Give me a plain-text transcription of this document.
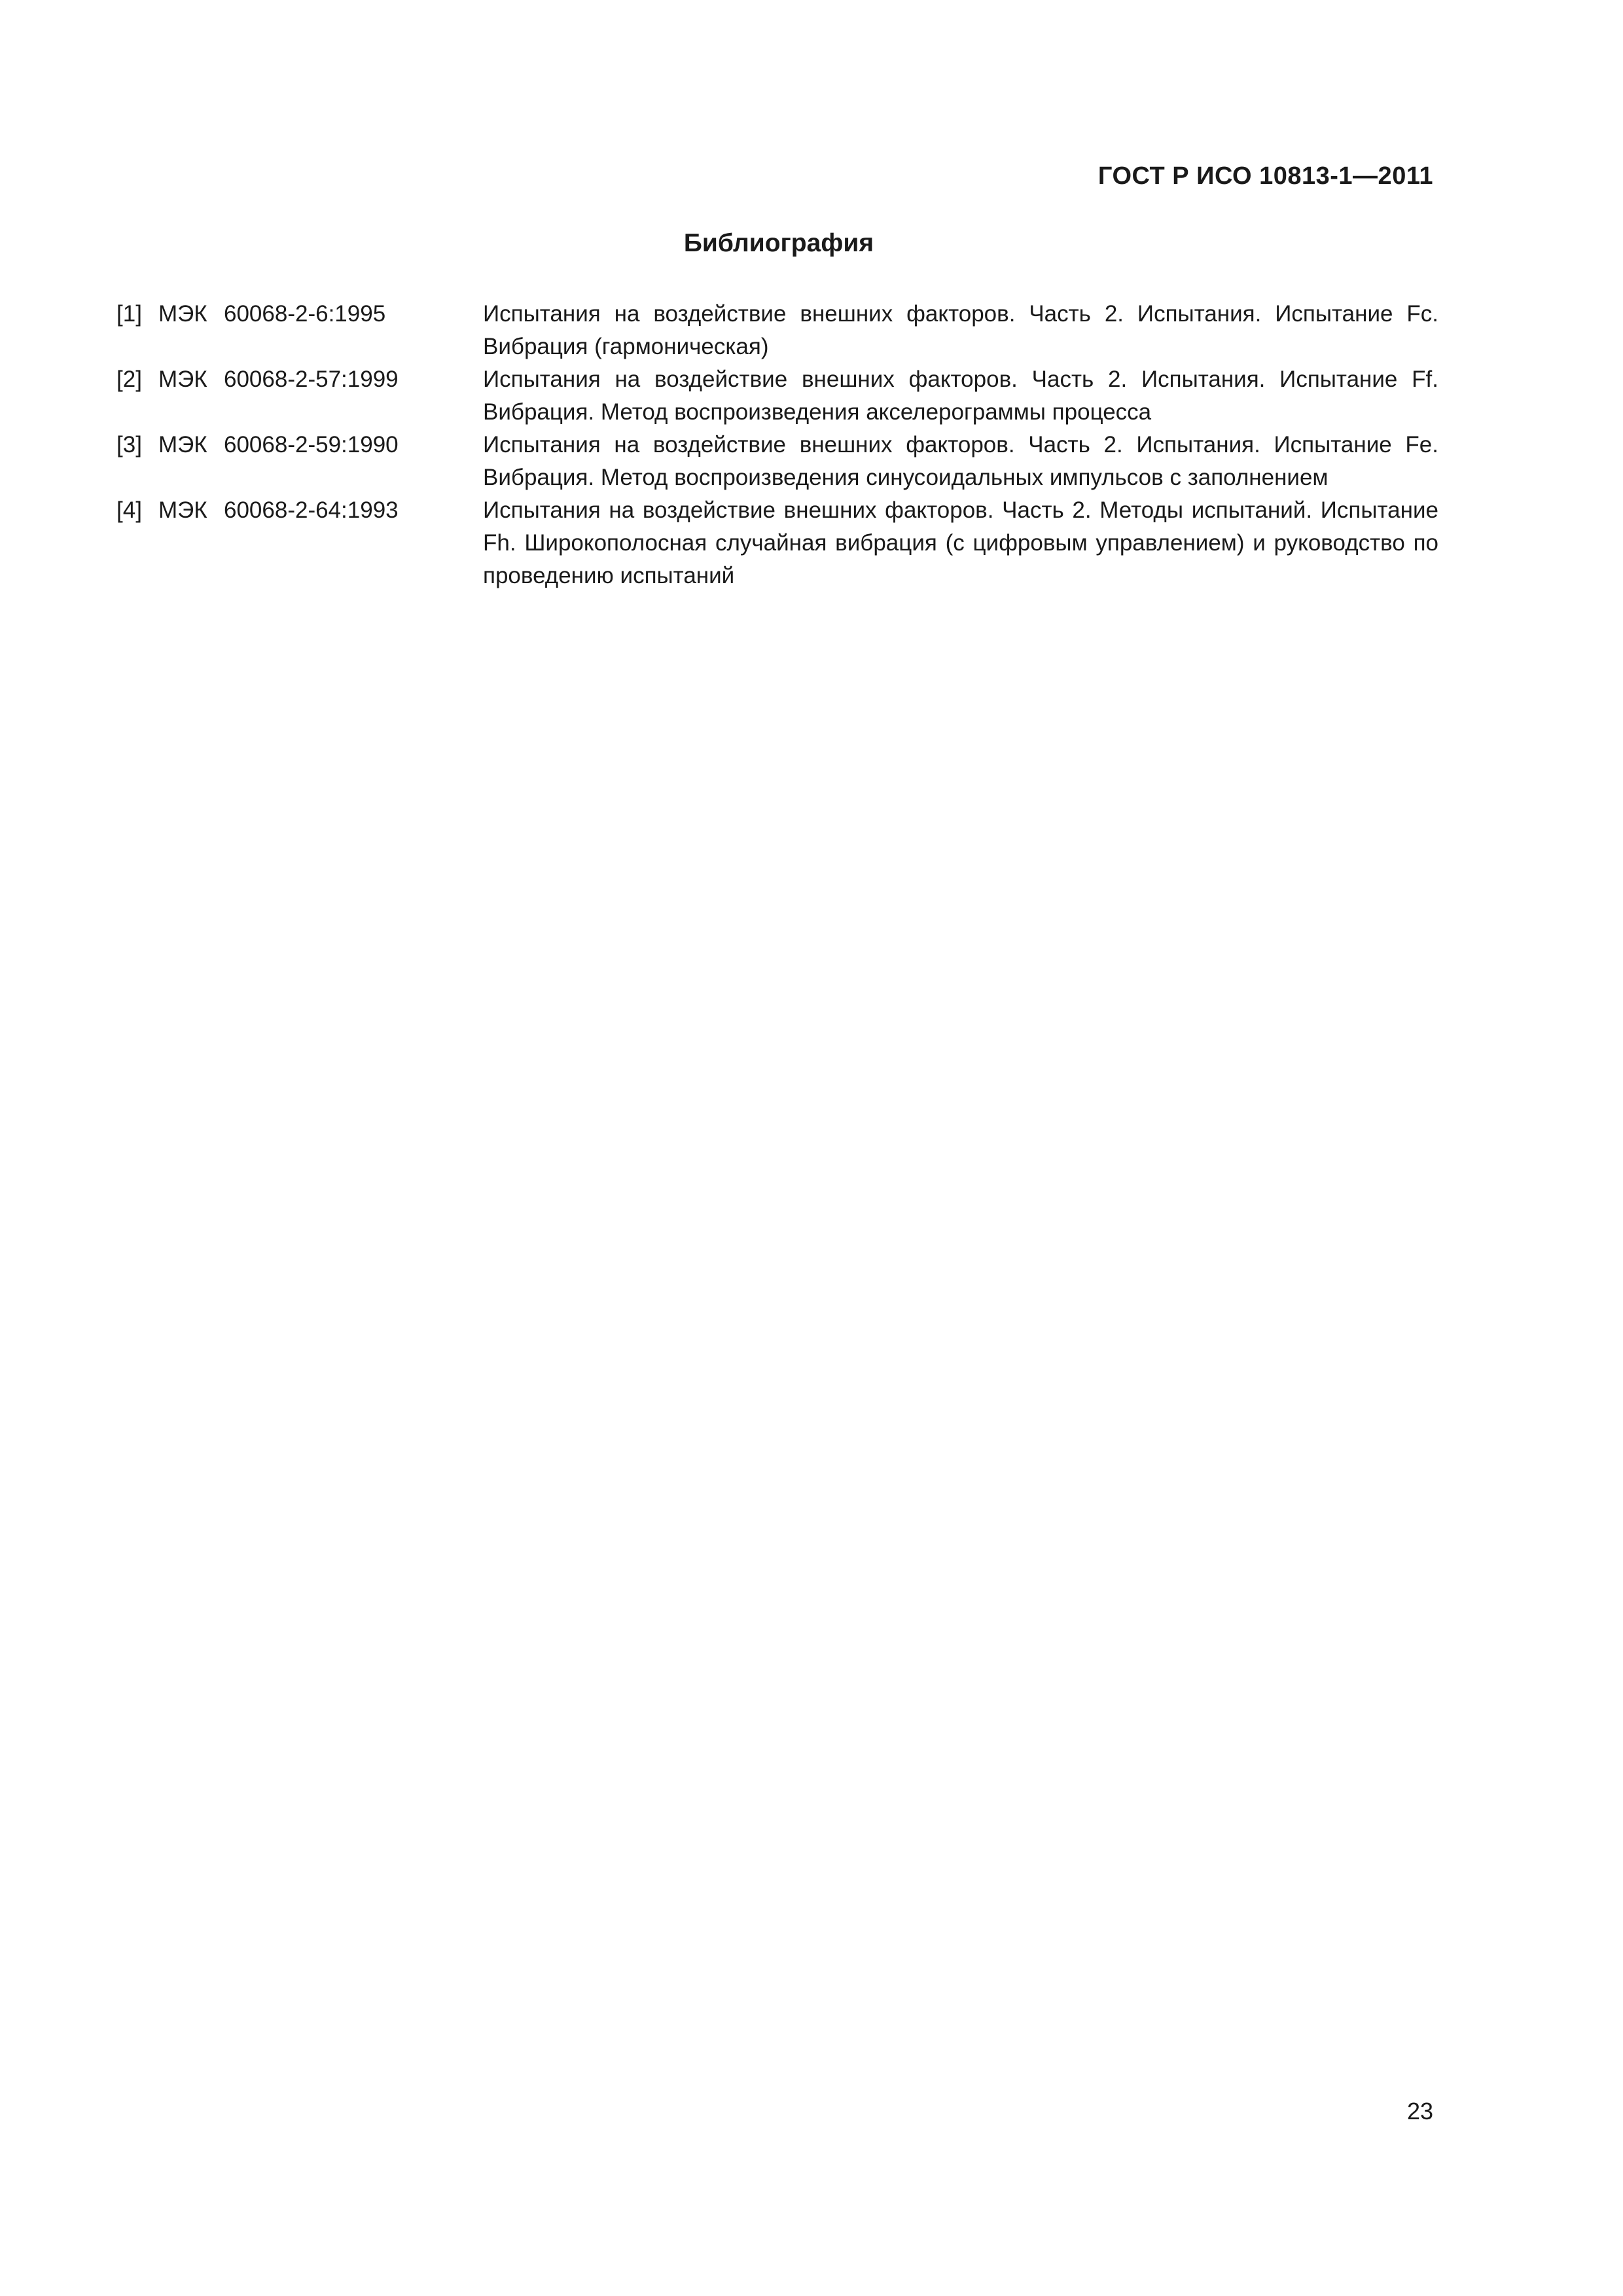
ГОСТ Р ИСО 10813-1—2011
Библиография
[1] МЭК 60068-2-6:1995	Испытания на воздействие внешних факторов. Часть 2. Испытания. Испытание Fc. Вибрация (гармоническая)
[2] МЭК 60068-2-57:1999	Испытания на воздействие внешних факторов. Часть 2. Испытания. Испытание Ff. Вибрация. Метод воспроизведения акселерограммы процесса
[3] МЭК 60068-2-59:1990	Испытания на воздействие внешних факторов. Часть 2. Испытания. Испытание Fe. Вибрация. Метод воспроизведения синусоидальных импульсов с заполнением
[4] МЭК 60068-2-64:1993	Испытания на воздействие внешних факторов. Часть 2. Методы испытаний. Испытание Fh. Широкополосная случайная вибрация (с цифровым управлением) и руководство по проведению испытаний
23
